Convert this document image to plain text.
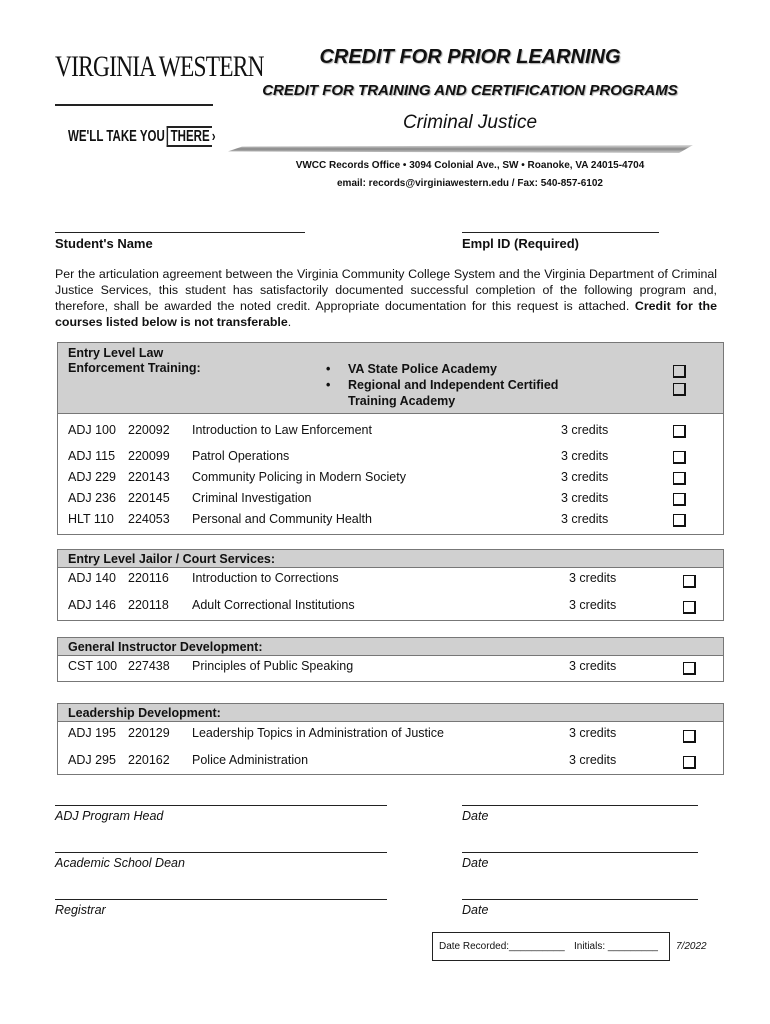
VIRGINIA WESTERN
WE'LL TAKE YOU THERE ›
CREDIT FOR PRIOR LEARNING
CREDIT FOR TRAINING AND CERTIFICATION PROGRAMS
Criminal Justice
VWCC Records Office • 3094 Colonial Ave., SW • Roanoke, VA 24015-4704
email: records@virginiawestern.edu / Fax: 540-857-6102
Student's Name	Empl ID (Required)
Per the articulation agreement between the Virginia Community College System and the Virginia Department of Criminal Justice Services, this student has satisfactorily documented successful completion of the following program and, therefore, shall be awarded the noted credit. Appropriate documentation for this request is attached. Credit for the courses listed below is not transferable.
Entry Level Law
Enforcement Training:	• VA State Police Academy
• Regional and Independent Certified
Training Academy
ADJ 100 220092 Introduction to Law Enforcement	3 credits
ADJ 115 220099 Patrol Operations	3 credits
ADJ 229 220143 Community Policing in Modern Society	3 credits
ADJ 236 220145 Criminal Investigation	3 credits
HLT 110 224053 Personal and Community Health	3 credits
Entry Level Jailor / Court Services:
ADJ 140 220116 Introduction to Corrections	3 credits
ADJ 146 220118 Adult Correctional Institutions	3 credits
General Instructor Development:
CST 100 227438 Principles of Public Speaking	3 credits
Leadership Development:
ADJ 195 220129 Leadership Topics in Administration of Justice	3 credits
ADJ 295 220162 Police Administration	3 credits
ADJ Program Head	Date
Academic School Dean	Date
Registrar	Date
Date Recorded:__________ Initials: _________ 7/2022
